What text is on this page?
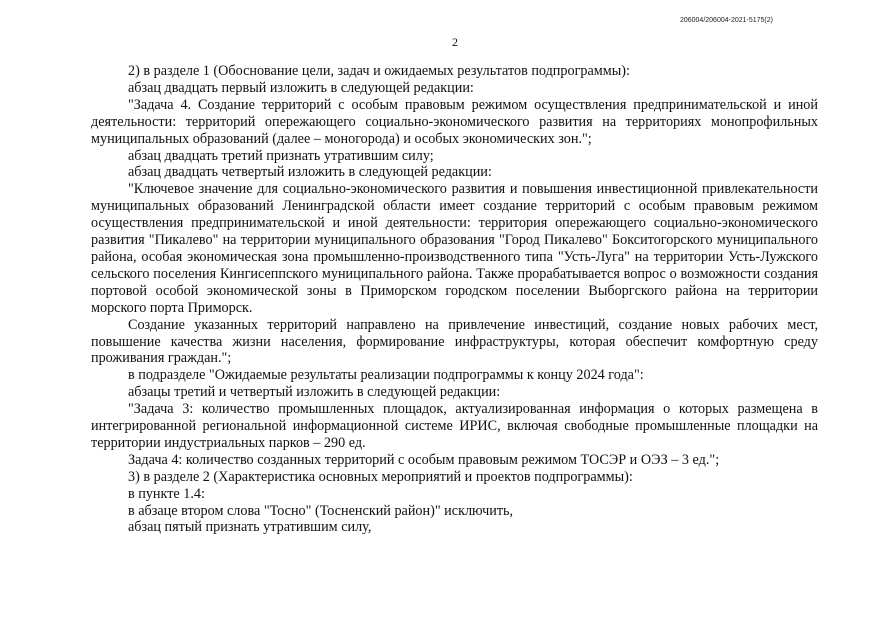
206004/206004-2021-5175(2)
2

2) в разделе 1 (Обоснование цели, задач и ожидаемых результатов подпрограммы):

абзац двадцать первый изложить в следующей редакции:

"Задача 4. Создание территорий с особым правовым режимом осуществления предпринимательской и иной деятельности: территорий опережающего социально-экономического развития на территориях монопрофильных муниципальных образований (далее – моногорода) и особых экономических зон.";

абзац двадцать третий признать утратившим силу;

абзац двадцать четвертый изложить в следующей редакции:

"Ключевое значение для социально-экономического развития и повышения инвестиционной привлекательности муниципальных образований Ленинградской области имеет создание территорий с особым правовым режимом осуществления предпринимательской и иной деятельности: территория опережающего социально-экономического развития "Пикалево" на территории муниципального образования "Город Пикалево" Бокситогорского муниципального района, особая экономическая зона промышленно-производственного типа "Усть-Луга" на территории Усть-Лужского сельского поселения Кингисеппского муниципального района. Также прорабатывается вопрос о возможности создания портовой особой экономической зоны в Приморском городском поселении Выборгского района на территории морского порта Приморск.

Создание указанных территорий направлено на привлечение инвестиций, создание новых рабочих мест, повышение качества жизни населения, формирование инфраструктуры, которая обеспечит комфортную среду проживания граждан.";

в подразделе "Ожидаемые результаты реализации подпрограммы к концу 2024 года":

абзацы третий и четвертый изложить в следующей редакции:

"Задача 3: количество промышленных площадок, актуализированная информация о которых размещена в интегрированной региональной информационной системе ИРИС, включая свободные промышленные площадки на территории индустриальных парков – 290 ед.

Задача 4: количество созданных территорий с особым правовым режимом ТОСЭР и ОЭЗ – 3 ед.";

3) в разделе 2 (Характеристика основных мероприятий и проектов подпрограммы):

в пункте 1.4:

в абзаце втором слова "Тосно" (Тосненский район)" исключить,

абзац пятый признать утратившим силу,
